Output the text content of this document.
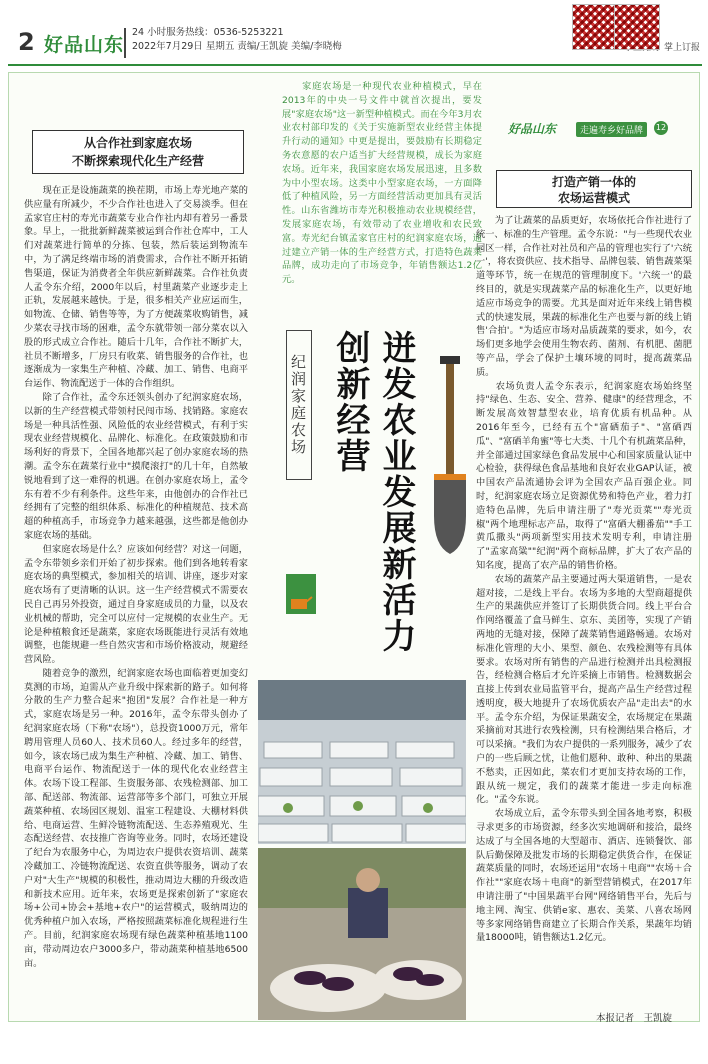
2 好品山东
24 小时服务热线：0536-5253221
2022年7月29日 星期五 责编/王凯旋 美编/李晓梅	掌上订报
从合作社到家庭农场
不断探索现代化生产经营
　　现在正是设施蔬菜的换茬期，市场上寿光地产菜的供应量有所减少，不少合作社也进入了交易淡季。但在孟家官庄村的寿光市蔬菜专业合作社内却有着另一番景象。早上，一批批新鲜蔬菜被运到合作社仓库中，工人们对蔬菜进行简单的分拣、包装，然后装运到物流车中，为了满足终端市场的消费需求，合作社不断开拓销售渠道，保证为消费者全年供应新鲜蔬菜。合作社负责人孟令东介绍，2000年以后，村里蔬菜产业逐步走上正轨，发展越来越快。于是，很多相关产业应运而生，如物流、仓储、销售等等，为了方便蔬菜收购销售，减少菜农寻找市场的困难，孟令东就带领一部分菜农以入股的形式成立合作社。随后十几年，合作社不断扩大，社员不断增多，厂房只有收菜、销售服务的合作社，也逐渐成为一家集生产种植、冷藏、加工、销售、电商平台运作、物流配送于一体的合作组织。
　　除了合作社，孟令东还领头创办了纪润家庭农场，以新的生产经营模式带领村民闯市场、找销路。家庭农场是一种具活性强、风险低的农业经营模式，有利于实现农业经营规模化、品牌化、标准化。在政策鼓励和市场利好的背景下，全国各地都兴起了创办家庭农场的热潮。孟令东在蔬菜行业中"摸爬滚打"的几十年，自然敏锐地看到了这一难得的机遇。在创办家庭农场上，孟令东有着不少有利条件。这些年来，由他创办的合作社已经拥有了完整的组织体系、标准化的种植规范、技术高超的种植高手，市场竞争力越来越强，这些都是他创办家庭农场的基础。
　　但家庭农场是什么？应该如何经营？对这一问题，孟令东带领乡亲们开始了初步探索。他们到各地转看家庭农场的典型模式，参加相关的培训、讲座，逐步对家庭农场有了更清晰的认识。这一生产经营模式不需要农民自己再另外投资，通过自身家庭成员的力量，以及农业机械的帮助，完全可以应付一定规模的农业生产。无论是种植粮食还是蔬菜，家庭农场既能进行灵活有效地调整，也能规避一些自然灾害和市场价格波动，规避经营风险。
　　随着竞争的激烈，纪润家庭农场也面临着更加变幻莫测的市场，迫需从产业升级中探索新的路子。如何将分散的生产力整合起来"抱团"发展？合作社是一种方式，家庭农场是另一种。2016年，孟令东带头创办了纪润家庭农场（下称"农场"），总投资1000万元，常年聘用管理人员60人、技术员60人。经过多年的经营，如今，该农场已成为集生产种植、冷藏、加工、销售、电商平台运作、物流配送于一体的现代化农业经营主体。农场下设工程部、生资服务部、农残检测部、加工部、配送部、物流部、运营部等多个部门，可独立开展蔬菜种植、农场园区规划、温室工程建设、大棚材料供给、电商运营、生鲜冷链物流配送、生态养殖观光、生态配送经营、农技推广咨询等业务。同时，农场还建设了纪台为农服务中心，为周边农户提供农资培训、蔬菜冷藏加工、冷链物流配送、农资直供等服务，调动了农户对"大生产"规模的积极性，推动周边大棚的升级改造和新技术应用。近年来，农场更是探索创新了"家庭农场+公司+协会+基地+农户"的运营模式，吸纳周边的优秀种植户加入农场，严格按照蔬菜标准化规程进行生产。目前，纪润家庭农场现有绿色蔬菜种植基地1100亩，带动周边农户3000多户，带动蔬菜种植基地6500亩。
　　家庭农场是一种现代农业种植模式，早在2013年的中央一号文件中就首次提出，要发展"家庭农场"这一新型种植模式。而在今年3月农业农村部印发的《关于实施新型农业经营主体提升行动的通知》中更是提出，要鼓励有长期稳定务农意愿的农户适当扩大经营规模，成长为家庭农场。近年来，我国家庭农场发展迅速，且多数为中小型农场。这类中小型家庭农场，一方面降低了种植风险，另一方面经营活动更加具有灵活性。山东省潍坊市寿光积极推动农业规模经营，发展家庭农场，有效带动了农业增收和农民致富。寿光纪台镇孟家官庄村的纪润家庭农场，通过建立产销一体的生产经营方式，打造特色蔬菜品牌，成功走向了市场竞争，年销售额达1.2亿元。
纪润家庭农场 创新经营 迸发农业发展新活力
好品山东	走遍寿乡好品牌	12
打造产销一体的
农场运营模式
　　为了让蔬菜的品质更好，农场依托合作社进行了统一、标准的生产管理。孟令东说："与一些现代农业园区一样，合作社对社员和产品的管理也实行了'六统一'，将农资供应、技术指导、品牌包装、销售蔬菜渠道等环节，统一在规范的管理制度下。'六统一'的最终目的，就是实现蔬菜产品的标准化生产，以更好地适应市场竞争的需要。尤其是面对近年来线上销售模式的快速发展，果蔬的标准化生产也要与新的线上销售'合拍'。"为适应市场对品质蔬菜的要求，如今，农场们更多地学会使用生物农药、菌剂、有机肥、菌肥等产品，学会了保护土壤环境的同时，提高蔬菜品质。
　　农场负责人孟令东表示，纪润家庭农场始终坚持"绿色、生态、安全、营养、健康"的经营理念，不断发展高效智慧型农业，培育优质有机品种。从2016年至今，已经有五个"富硒茄子"、"富硒西瓜"、"富硒羊角蜜"等七大类、十几个有机蔬菜品种，并全部通过国家绿色食品发展中心和国家质量认证中心检验，获得绿色食品基地和良好农业GAP认证，被中国农产品流通协会评为全国农产品百强企业。同时，纪润家庭农场立足资源优势和特色产业，着力打造特色品牌，先后申请注册了"寿光贡菜""寿光贡椒"两个地理标志产品，取得了"富硒大棚番茄""手工黄瓜撒头"两项新型实用技术发明专利，申请注册了"孟家高粱""纪润"两个商标品牌，扩大了农产品的知名度，提高了农产品的销售价格。
　　农场的蔬菜产品主要通过两大渠道销售，一是农超对接，二是线上平台。农场为多地的大型商超提供生产的果蔬供应并签订了长期供货合同。线上平台合作网络覆盖了盒马鲜生、京东、美团等，实现了产销两地的无缝对接，保障了蔬菜销售通路畅通。农场对标准化管理的大小、果型、颜色、农残检测等有具体要求。农场对所有销售的产品进行检测并出具检测报告，经检测合格后才允许采摘上市销售。检测数据会直接上传到农业局监管平台，提高产品生产经营过程透明度，极大地提升了农场优质农产品"走出去"的水平。孟令东介绍，为保证果蔬安全，农场规定在果蔬采摘前对其进行农残检测，只有检测结果合格后，才可以采摘。"我们为农户提供的一系列服务，减少了农户的一些后顾之忧，让他们愿种、敢种、种出的果蔬不愁卖，正因如此，菜农们才更加支持农场的工作，跟从统一规定，我们的蔬菜才能进一步走向标准化。"孟令东说。
　　农场成立后，孟令东带头到全国各地考察，积极寻求更多的市场资源，经多次实地调研和接洽，最终达成了与全国各地的大型超市、酒店、连锁餐饮、部队后勤保障及批发市场的长期稳定供货合作，在保证蔬菜质量的同时，农场还运用"农场＋电商""农场＋合作社""家庭农场＋电商"的新型营销模式，在2017年申请注册了"中国果蔬平台网"网络销售平台，先后与地主网、淘宝、供销e家、惠农、美菜、八喜农场网等多家网络销售商建立了长期合作关系，果蔬年均销量18000吨，销售额达1.2亿元。
本报记者　王凯旋
